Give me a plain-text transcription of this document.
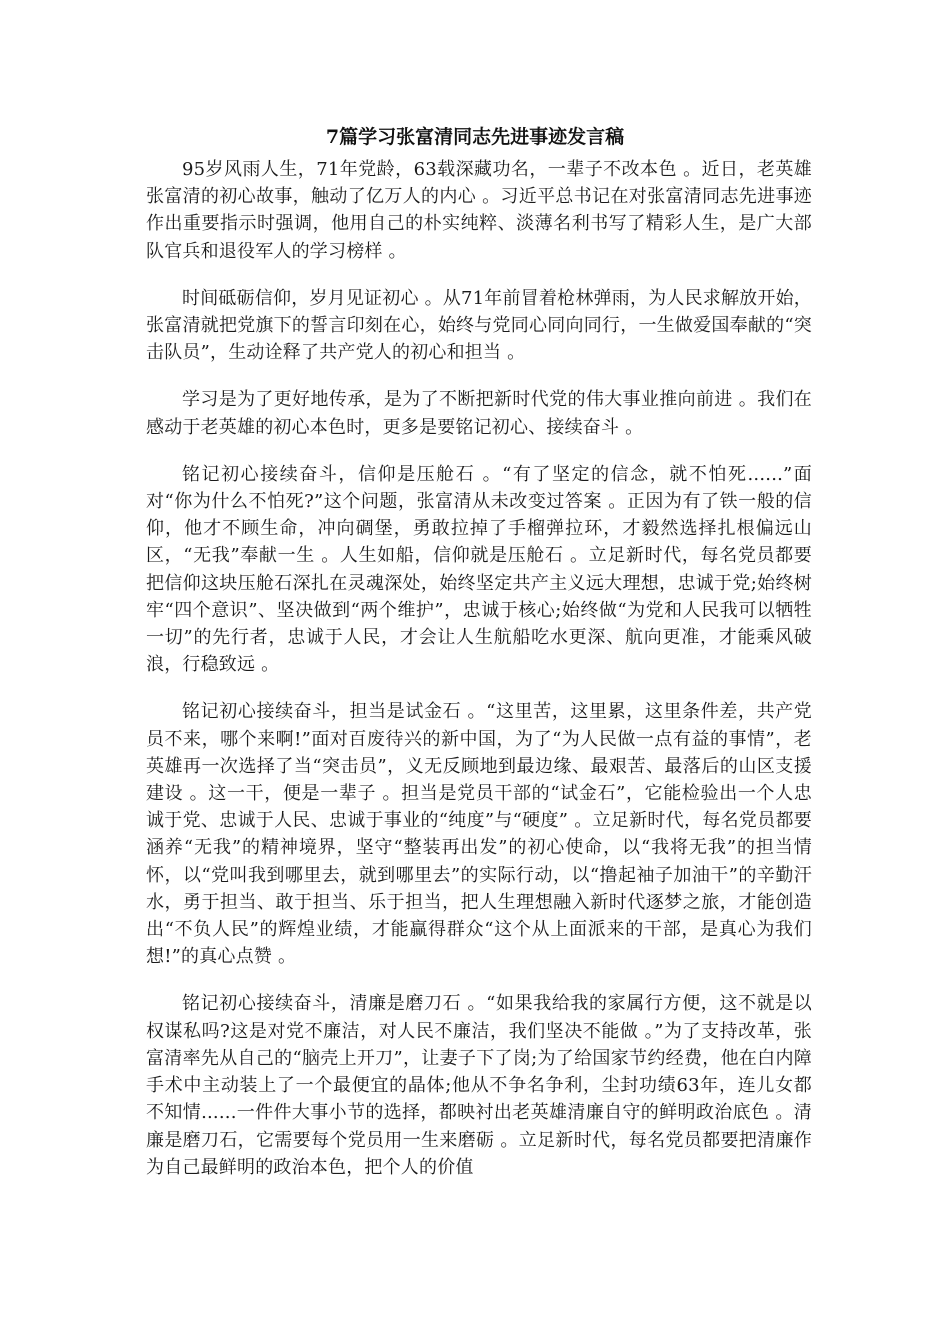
7篇学习张富清同志先进事迹发言稿

95岁风雨人生，71年党龄，63载深藏功名，一辈子不改本色 。近日，老英雄张富清的初心故事，触动了亿万人的内心 。习近平总书记在对张富清同志先进事迹作出重要指示时强调，他用自己的朴实纯粹、淡薄名利书写了精彩人生，是广大部队官兵和退役军人的学习榜样 。

时间砥砺信仰，岁月见证初心 。从71年前冒着枪林弹雨，为人民求解放开始，张富清就把党旗下的誓言印刻在心，始终与党同心同向同行，一生做爱国奉献的“突击队员”，生动诠释了共产党人的初心和担当 。

学习是为了更好地传承，是为了不断把新时代党的伟大事业推向前进 。我们在感动于老英雄的初心本色时，更多是要铭记初心、接续奋斗 。

铭记初心接续奋斗，信仰是压舱石 。“有了坚定的信念，就不怕死......”面对“你为什么不怕死?”这个问题，张富清从未改变过答案 。正因为有了铁一般的信仰，他才不顾生命，冲向碉堡，勇敢拉掉了手榴弹拉环，才毅然选择扎根偏远山区，“无我”奉献一生 。人生如船，信仰就是压舱石 。立足新时代，每名党员都要把信仰这块压舱石深扎在灵魂深处，始终坚定共产主义远大理想，忠诚于党;始终树牢“四个意识”、坚决做到“两个维护”，忠诚于核心;始终做“为党和人民我可以牺牲一切”的先行者，忠诚于人民，才会让人生航船吃水更深、航向更准，才能乘风破浪，行稳致远 。

铭记初心接续奋斗，担当是试金石 。“这里苦，这里累，这里条件差，共产党员不来，哪个来啊!”面对百废待兴的新中国，为了“为人民做一点有益的事情”，老英雄再一次选择了当“突击员”，义无反顾地到最边缘、最艰苦、最落后的山区支援建设 。这一干，便是一辈子 。担当是党员干部的“试金石”，它能检验出一个人忠诚于党、忠诚于人民、忠诚于事业的“纯度”与“硬度” 。立足新时代，每名党员都要涵养“无我”的精神境界，坚守“整装再出发”的初心使命，以“我将无我”的担当情怀，以“党叫我到哪里去，就到哪里去”的实际行动，以“撸起袖子加油干”的辛勤汗水，勇于担当、敢于担当、乐于担当，把人生理想融入新时代逐梦之旅，才能创造出“不负人民”的辉煌业绩，才能赢得群众“这个从上面派来的干部，是真心为我们想!”的真心点赞 。

铭记初心接续奋斗，清廉是磨刀石 。“如果我给我的家属行方便，这不就是以权谋私吗?这是对党不廉洁，对人民不廉洁，我们坚决不能做 。”为了支持改革，张富清率先从自己的“脑壳上开刀”，让妻子下了岗;为了给国家节约经费，他在白内障手术中主动装上了一个最便宜的晶体;他从不争名争利，尘封功绩63年，连儿女都不知情......一件件大事小节的选择，都映衬出老英雄清廉自守的鲜明政治底色 。清廉是磨刀石，它需要每个党员用一生来磨砺 。立足新时代，每名党员都要把清廉作为自己最鲜明的政治本色，把个人的价值
